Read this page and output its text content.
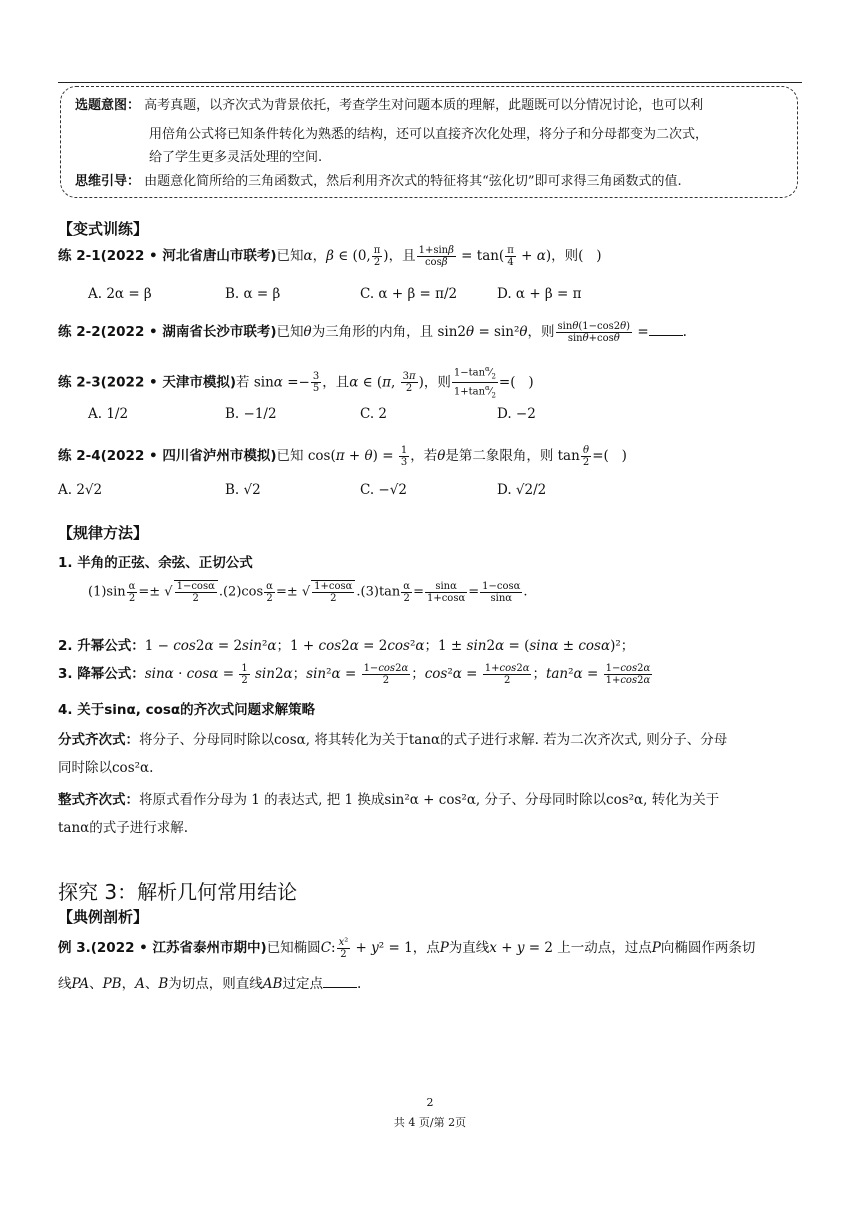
选题意图： 高考真题，以齐次式为背景依托，考查学生对问题本质的理解，此题既可以分情况讨论，也可以利
用倍角公式将已知条件转化为熟悉的结构，还可以直接齐次化处理，将分子和分母都变为二次式，
给了学生更多灵活处理的空间.
思维引导： 由题意化简所给的三角函数式，然后利用齐次式的特征将其“弦化切”即可求得三角函数式的值.
【变式训练】
练 2-1(2022 • 河北省唐山市联考)已知α，β ∈ (0, $\frac{\pi}{2}$ )，且 $\frac{1+\sin\beta}{\cos\beta} = \tan( \frac{\pi}{4} + \alpha)$，则(   )
A. 2α = β	B. α = β	C. α + β = π/2	D. α + β = π
练 2-2(2022 • 湖南省长沙市联考)已知θ为三角形的内角，且 sin2θ = sin²θ，则 $\frac{\sin\theta(1-\cos 2\theta)}{\sin\theta+\cos\theta}$ =	.
练 2-3(2022 • 天津市模拟)若 $\sin\alpha =- \frac{3}{5}$ ，且α ∈ (π, $\frac{3\pi}{2}$ )，则 $\frac{1-\tan^\alpha⁄_2}{1+\tan^\alpha⁄_2}$ =(   )
A. 1/2	B. −1/2	C. 2	D. −2
练 2-4(2022 • 四川省泸州市模拟)已知 $\cos(\pi + \theta) = \frac{1}{3}$ ，若θ是第二象限角，则 $\tan \frac{\theta}{2}$ =(   )
A. 2√2	B. √2	C. −√2	D. √2/2
【规律方法】
1. 半角的正弦、余弦、正切公式
$(1)\sin \frac{\alpha}{2}$ =± √ $\frac{1-\cos\alpha}{2} .(2)\cos \frac{\alpha}{2}$ =± √ $\frac{1+\cos\alpha}{2} .(3)\tan \frac{\alpha}{2} = \frac{\sin\alpha}{1+\cos\alpha} = \frac{1-\cos\alpha}{\sin\alpha}$ .
2. 升幂公式：1 − cos2α = 2sin²α；1 + cos2α = 2cos²α；1 ± sin2α = (sinα ± cosα)²；
3. 降幂公式：$\sin\alpha \cdot \cos\alpha = \frac{1}{2} \sin 2\alpha$；$\sin^2\alpha = \frac{1-\cos 2\alpha}{2}$ ；$\cos^2\alpha = \frac{1+\cos 2\alpha}{2}$ ；$\tan^2\alpha = \frac{1-\cos 2\alpha}{1+\cos 2\alpha}$
4. 关于sinα, cosα的齐次式问题求解策略
分式齐次式：将分子、分母同时除以cosα, 将其转化为关于tanα的式子进行求解. 若为二次齐次式, 则分子、分母
同时除以cos²α.
整式齐次式：将原式看作分母为 1 的表达式, 把 1 换成sin²α + cos²α, 分子、分母同时除以cos²α, 转化为关于
tanα的式子进行求解.
探究 3：解析几何常用结论
【典例剖析】
例 3.(2022 • 江苏省泰州市期中)已知椭圆C: $\frac{\text{x²}}{2} + y^2 = 1$，点P为直线x + y = 2 上一动点，过点P向椭圆作两条切
线PA、PB，A、B为切点，则直线AB过定点	.
2
共 4 页/第 2页
